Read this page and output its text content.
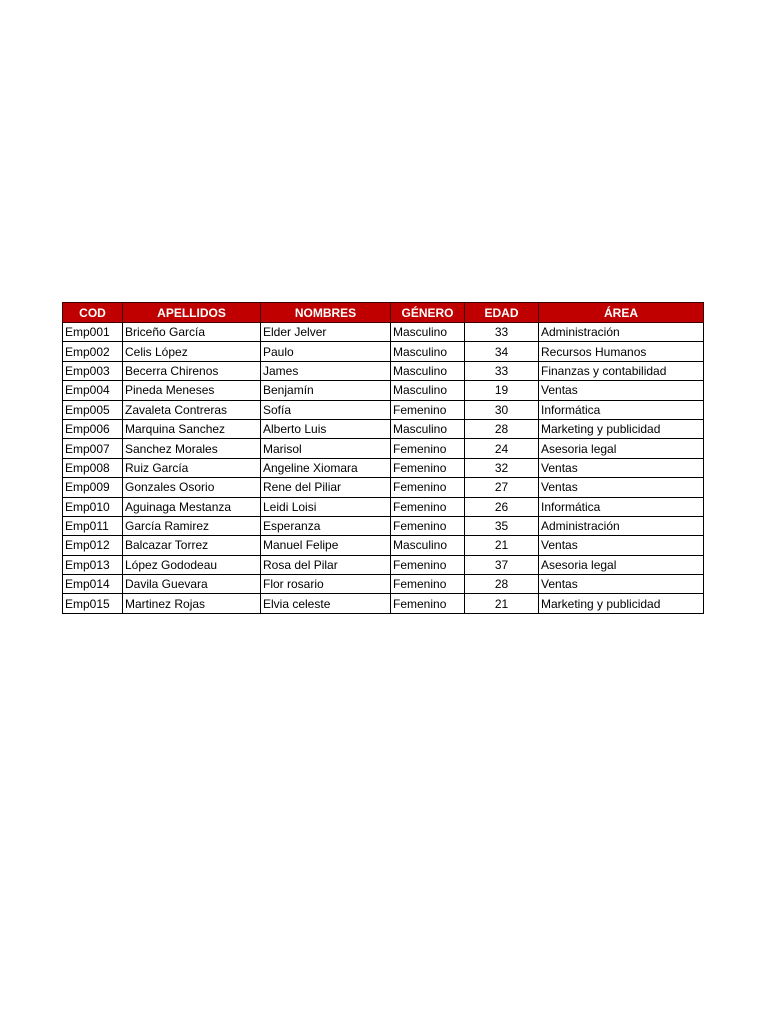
COD	APELLIDOS	NOMBRES	GÉNERO	EDAD	ÁREA
Emp001	Briceño García	Elder Jelver	Masculino	33	Administración
Emp002	Celis López	Paulo	Masculino	34	Recursos Humanos
Emp003	Becerra Chirenos	James	Masculino	33	Finanzas y contabilidad
Emp004	Pineda Meneses	Benjamín	Masculino	19	Ventas
Emp005	Zavaleta Contreras	Sofía	Femenino	30	Informática
Emp006	Marquina Sanchez	Alberto Luis	Masculino	28	Marketing y publicidad
Emp007	Sanchez Morales	Marisol	Femenino	24	Asesoria legal
Emp008	Ruiz García	Angeline Xiomara	Femenino	32	Ventas
Emp009	Gonzales Osorio	Rene del Piliar	Femenino	27	Ventas
Emp010	Aguinaga Mestanza	Leidi Loisi	Femenino	26	Informática
Emp011	García Ramirez	Esperanza	Femenino	35	Administración
Emp012	Balcazar Torrez	Manuel Felipe	Masculino	21	Ventas
Emp013	López Gododeau	Rosa del Pilar	Femenino	37	Asesoria legal
Emp014	Davila Guevara	Flor rosario	Femenino	28	Ventas
Emp015	Martinez Rojas	Elvia celeste	Femenino	21	Marketing y publicidad
